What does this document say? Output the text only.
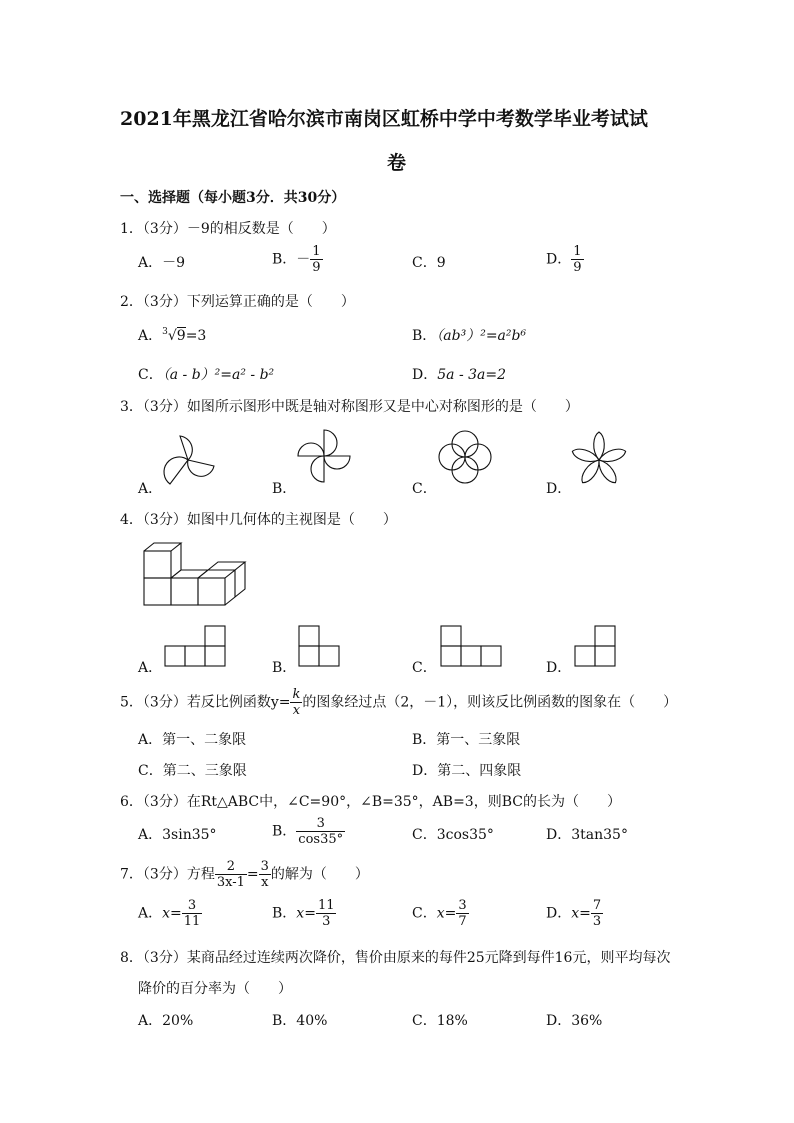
2021年黑龙江省哈尔滨市南岗区虹桥中学中考数学毕业考试试
卷
一、选择题（每小题3分．共30分）
1．（3分）－9的相反数是（　　）
A．－9	B．－ $\frac{1}{9}$	C．9	D． $\frac{1}{9}$
2．（3分）下列运算正确的是（　　）
A．$^3$√9=3	B．（ab³）²=a²b⁶
C．（a - b）²=a² - b²	D．5a - 3a=2
3．（3分）如图所示图形中既是轴对称图形又是中心对称图形的是（　　）
A．	B．	C．	D．
4．（3分）如图中几何体的主视图是（　　）
A．	B．	C．	D．
5．（3分）若反比例函数$y= \frac{k}{x}$ 的图象经过点（2，－1），则该反比例函数的图象在（　　）
A．第一、二象限	B．第一、三象限
C．第二、三象限	D．第二、四象限
6．（3分）在Rt△ABC中，∠C=90°，∠B=35°，AB=3，则BC的长为（　　）
A．3sin35°	B． $\frac{3}{\cos 35^\circ}$	C．3cos35°	D．3tan35°
7．（3分）方程 $\frac{2}{3x-1} = \frac{3}{x}$ 的解为（　　）
A．$x= \frac{3}{11}$	B．$x= \frac{11}{3}$	C．$x= \frac{3}{7}$	D．$x= \frac{7}{3}$
8．（3分）某商品经过连续两次降价，售价由原来的每件25元降到每件16元，则平均每次
降价的百分率为（　　）
A．20%	B．40%	C．18%	D．36%
